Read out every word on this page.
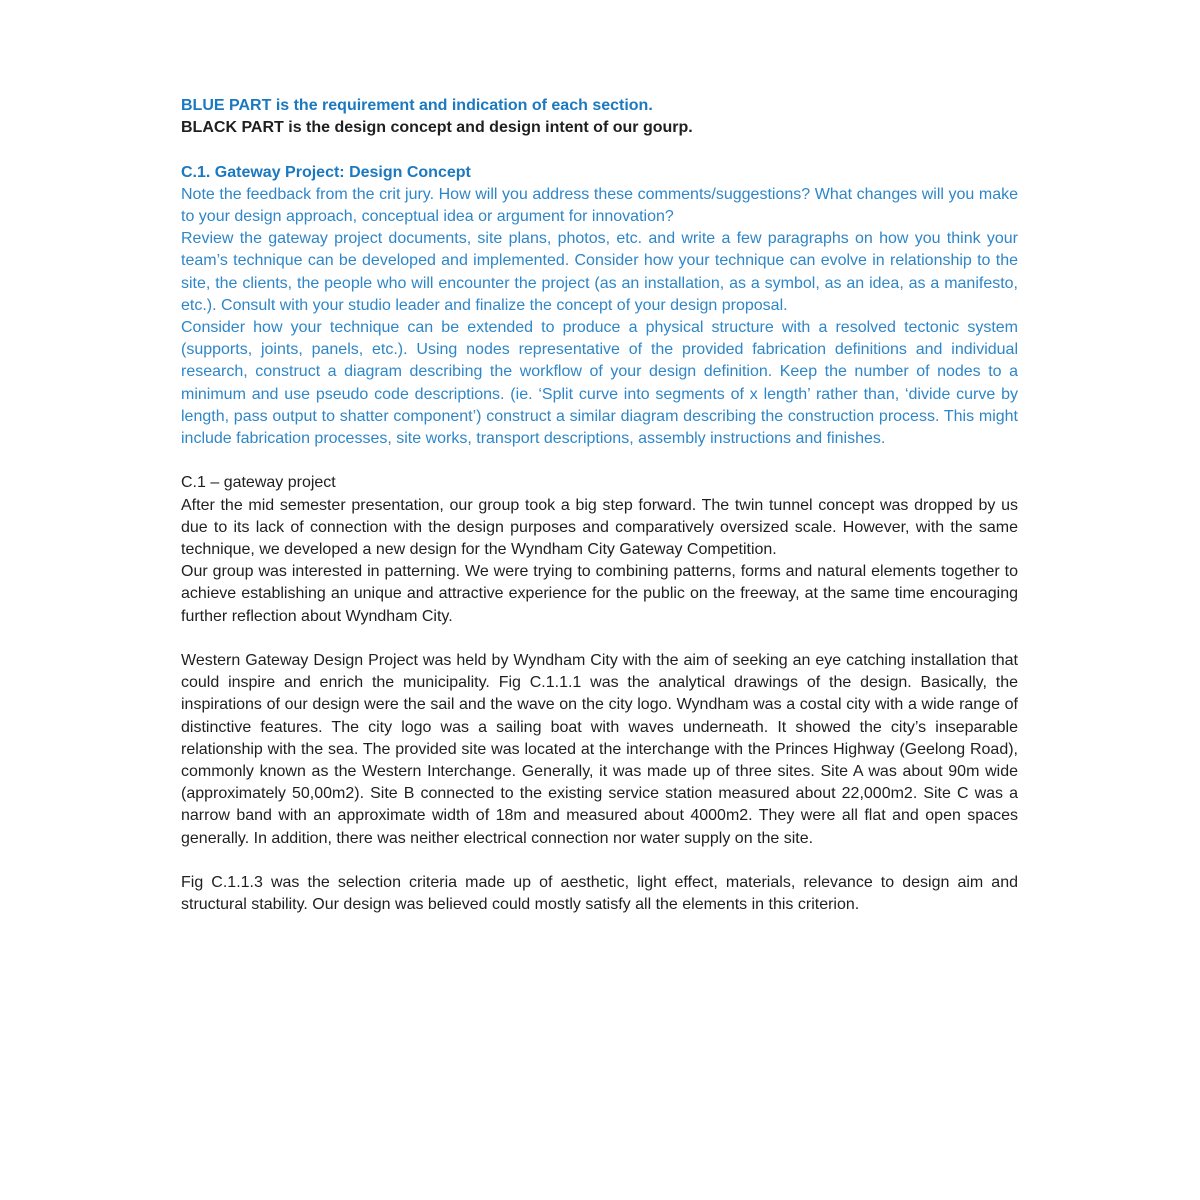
BLUE PART is the requirement and indication of each section.

BLACK PART is the design concept and design intent of our gourp.

C.1. Gateway Project: Design Concept

Note the feedback from the crit jury. How will you address these comments/suggestions? What changes will you make to your design approach, conceptual idea or argument for innovation?

Review the gateway project documents, site plans, photos, etc. and write a few paragraphs on how you think your team’s technique can be developed and implemented. Consider how your technique can evolve in relationship to the site, the clients, the people who will encounter the project (as an installation, as a symbol, as an idea, as a manifesto, etc.). Consult with your studio leader and finalize the concept of your design proposal.

Consider how your technique can be extended to produce a physical structure with a resolved tectonic system (supports, joints, panels, etc.). Using nodes representative of the provided fabrication definitions and individual research, construct a diagram describing the workflow of your design definition. Keep the number of nodes to a minimum and use pseudo code descriptions. (ie. ‘Split curve into segments of x length’ rather than, ‘divide curve by length, pass output to shatter component’) construct a similar diagram describing the construction process. This might include fabrication processes, site works, transport descriptions, assembly instructions and finishes.

C.1 – gateway project

After the mid semester presentation, our group took a big step forward. The twin tunnel concept was dropped by us due to its lack of connection with the design purposes and comparatively oversized scale. However, with the same technique, we developed a new design for the Wyndham City Gateway Competition.

Our group was interested in patterning. We were trying to combining patterns, forms and natural elements together to achieve establishing an unique and attractive experience for the public on the freeway, at the same time encouraging further reflection about Wyndham City.

Western Gateway Design Project was held by Wyndham City with the aim of seeking an eye catching installation that could inspire and enrich the municipality. Fig C.1.1.1 was the analytical drawings of the design. Basically, the inspirations of our design were the sail and the wave on the city logo. Wyndham was a costal city with a wide range of distinctive features. The city logo was a sailing boat with waves underneath. It showed the city’s inseparable relationship with the sea. The provided site was located at the interchange with the Princes Highway (Geelong Road), commonly known as the Western Interchange. Generally, it was made up of three sites. Site A was about 90m wide (approximately 50,00m2). Site B connected to the existing service station measured about 22,000m2. Site C was a narrow band with an approximate width of 18m and measured about 4000m2. They were all flat and open spaces generally. In addition, there was neither electrical connection nor water supply on the site.

Fig C.1.1.3 was the selection criteria made up of aesthetic, light effect, materials, relevance to design aim and structural stability. Our design was believed could mostly satisfy all the elements in this criterion.
